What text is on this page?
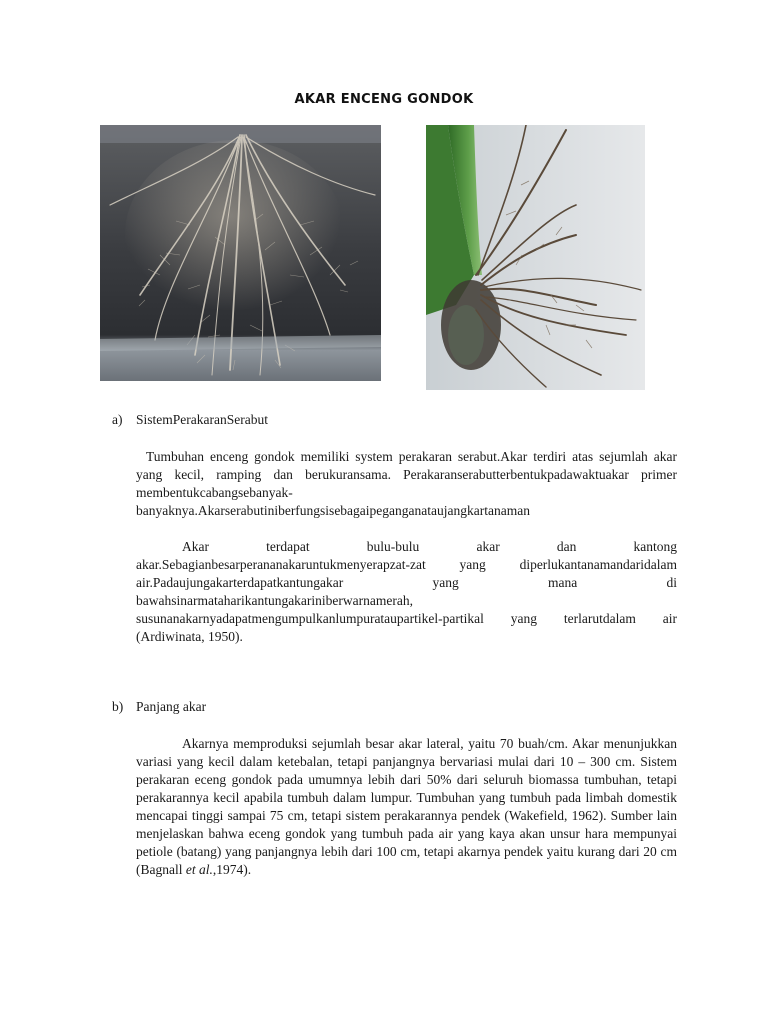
AKAR ENCENG GONDOK
a) SistemPerakaranSerabut
Tumbuhan enceng gondok memiliki system perakaran serabut.Akar terdiri atas sejumlah akar yang kecil, ramping dan berukuransama. Perakaranserabutterbentukpadawaktuakar primer membentukcabangsebanyak-banyaknya.Akarserabutiniberfungsisebagaipeganganataujangkartanaman
Akar terdapat bulu-bulu akar dan kantong akar.Sebagianbesarperananakaruntukmenyerapzat-zat yang diperlukantanamandaridalam air.Padaujungakarterdapatkantungakar yang mana di bawahsinarmataharikantungakariniberwarnamerah, susunanakarnyadapatmengumpulkanlumpurataupartikel-partikal yang terlarutdalam air (Ardiwinata, 1950).
b) Panjang akar
Akarnya memproduksi sejumlah besar akar lateral, yaitu 70 buah/cm. Akar menunjukkan variasi yang kecil dalam ketebalan, tetapi panjangnya bervariasi mulai dari 10 – 300 cm. Sistem perakaran eceng gondok pada umumnya lebih dari 50% dari seluruh biomassa tumbuhan, tetapi perakarannya kecil apabila tumbuh dalam lumpur. Tumbuhan yang tumbuh pada limbah domestik mencapai tinggi sampai 75 cm, tetapi sistem perakarannya pendek (Wakefield, 1962). Sumber lain menjelaskan bahwa eceng gondok yang tumbuh pada air yang kaya akan unsur hara mempunyai petiole (batang) yang panjangnya lebih dari 100 cm, tetapi akarnya pendek yaitu kurang dari 20 cm (Bagnall et al.,1974).
